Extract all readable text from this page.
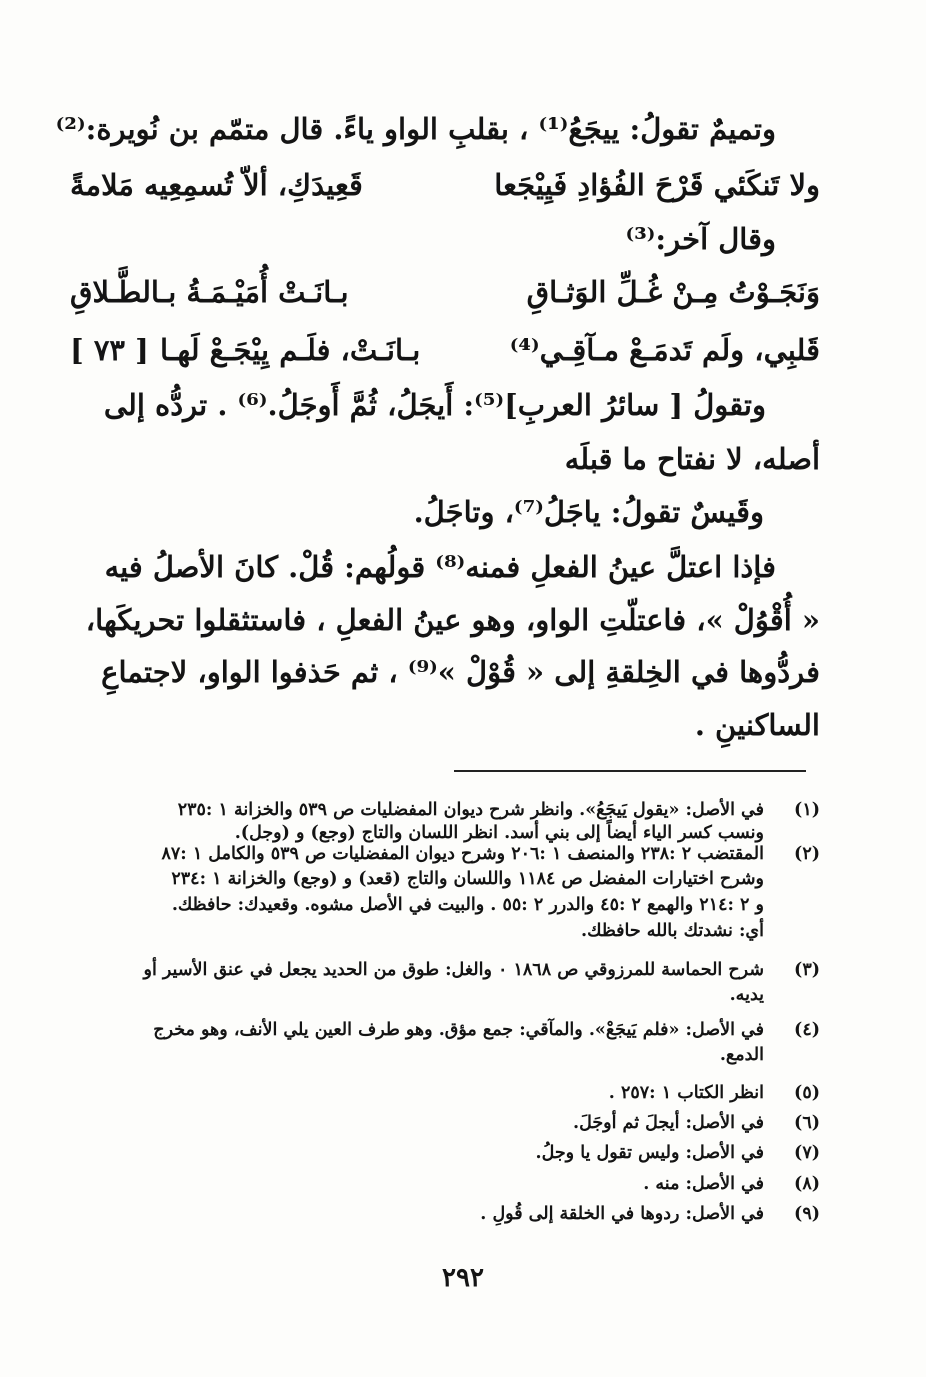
وتميمٌ تقولُ: ييجَعُ⁽¹⁾ ، بقلبِ الواو ياءً. قال متمّم بن نُويرة:⁽²⁾
قَعِيدَكِ، ألاّ تُسمِعِيه مَلامةً	ولا تَنكَئي قَرْحَ الفُؤادِ فَيِيْجَعا
وقال آخر:⁽³⁾
بـانَـتْ أُمَيْـمَـةُ بـالطَّـلاقِ	وَنَجَـوْتُ مِـنْ غُـلِّ الوَثـاقِ
بـانَـتْ، فلَـم يِيْجَـعْ لَهـا	قَلبِي، ولَم تَدمَـعْ مـآقِـي⁽⁴⁾
[ ٧٣ ]
وتقولُ [ سائرُ العربِ]⁽⁵⁾: أَيجَلُ، ثُمَّ أَوجَلُ.⁽⁶⁾ . تردُّه إلى
أصله، لا نفتاح ما قبلَه
وقَيسٌ تقولُ: ياجَلُ⁽⁷⁾، وتاجَلُ.
فإذا اعتلَّ عينُ الفعلِ فمنه⁽⁸⁾ قولُهم: قُلْ. كانَ الأصلُ فيه
« أُقْوُلْ »، فاعتلّتِ الواو، وهو عينُ الفعلِ ، فاستثقلوا تحريكَها،
فردُّوها في الخِلقةِ إلى « قُوْلْ »⁽⁹⁾ ، ثم حَذفوا الواو، لاجتماعِ
الساكنينِ .
(١)
في الأصل: «يقول يَيجَعُ». وانظر شرح ديوان المفضليات ص ٥٣٩ والخزانة ١ :٢٣٥
ونسب كسر الياء أيضاً إلى بني أسد. انظر اللسان والتاج (وجع) و (وجل).
(٢)
المقتضب ٢ :٢٣٨ والمنصف ١ :٢٠٦ وشرح ديوان المفضليات ص ٥٣٩ والكامل ١ :٨٧
وشرح اختيارات المفضل ص ١١٨٤ واللسان والتاج (قعد) و (وجع) والخزانة ١ :٢٣٤
و ٢ :٢١٤ والهمع ٢ :٤٥ والدرر ٢ :٥٥ . والبيت في الأصل مشوه. وقعيدك: حافظك.
أي: نشدتك بالله حافظك.
(٣)
شرح الحماسة للمرزوقي ص ١٨٦٨ ٠ والغل: طوق من الحديد يجعل في عنق الأسير أو
يديه.
(٤)
في الأصل: «فلم يَيجَعْ». والمآقي: جمع مؤق. وهو طرف العين يلي الأنف، وهو مخرج
الدمع.
(٥)
انظر الكتاب ١ :٢٥٧ .
(٦)
في الأصل: أيجلَ ثم أوجَلَ.
(٧)
في الأصل: وليس تقول يا وجلُ.
(٨)
في الأصل: منه .
(٩)
في الأصل: ردوها في الخلقة إلى قُولِ .
٢٩٢
